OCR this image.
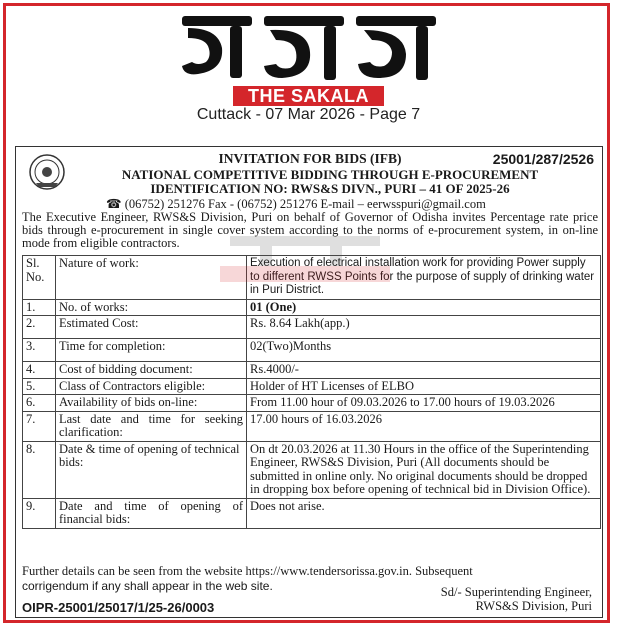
THE SAKALA
Cuttack - 07 Mar 2026 - Page 7
INVITATION FOR BIDS (IFB)	25001/287/2526
NATIONAL COMPETITIVE BIDDING THROUGH E-PROCUREMENT
IDENTIFICATION NO: RWS&S DIVN., PURI – 41 OF 2025-26
☎ (06752) 251276 Fax - (06752) 251276 E-mail – eerwsspuri@gmail.com
The Executive Engineer, RWS&S Division, Puri on behalf of Governor of Odisha invites Percentage rate price bids through e-procurement in single cover system according to the norms of e-procurement system, in on-line mode from eligible contractors.
Sl. No.	Nature of work:	Execution of electrical installation work for providing Power supply to different RWSS Points for the purpose of supply of drinking water in Puri District.
1.	No. of works:	01 (One)
2.	Estimated Cost:	Rs. 8.64 Lakh(app.)
3.	Time for completion:	02(Two)Months
4.	Cost of bidding document:	Rs.4000/-
5.	Class of Contractors eligible:	Holder of HT Licenses of ELBO
6.	Availability of bids on-line:	From 11.00 hour of 09.03.2026 to 17.00 hours of 19.03.2026
7.	Last date and time for seeking clarification:	17.00 hours of 16.03.2026
8.	Date & time of opening of technical bids:	On dt 20.03.2026 at 11.30 Hours in the office of the Superintending Engineer, RWS&S Division, Puri (All documents should be submitted in online only. No original documents should be dropped in dropping box before opening of technical bid in Division Office).
9.	Date and time of opening of financial bids:	Does not arise.
Further details can be seen from the website https://www.tendersorissa.gov.in. Subsequent
corrigendum if any shall appear in the web site.	Sd/- Superintending Engineer,
RWS&S Division, Puri
OIPR-25001/25017/1/25-26/0003
